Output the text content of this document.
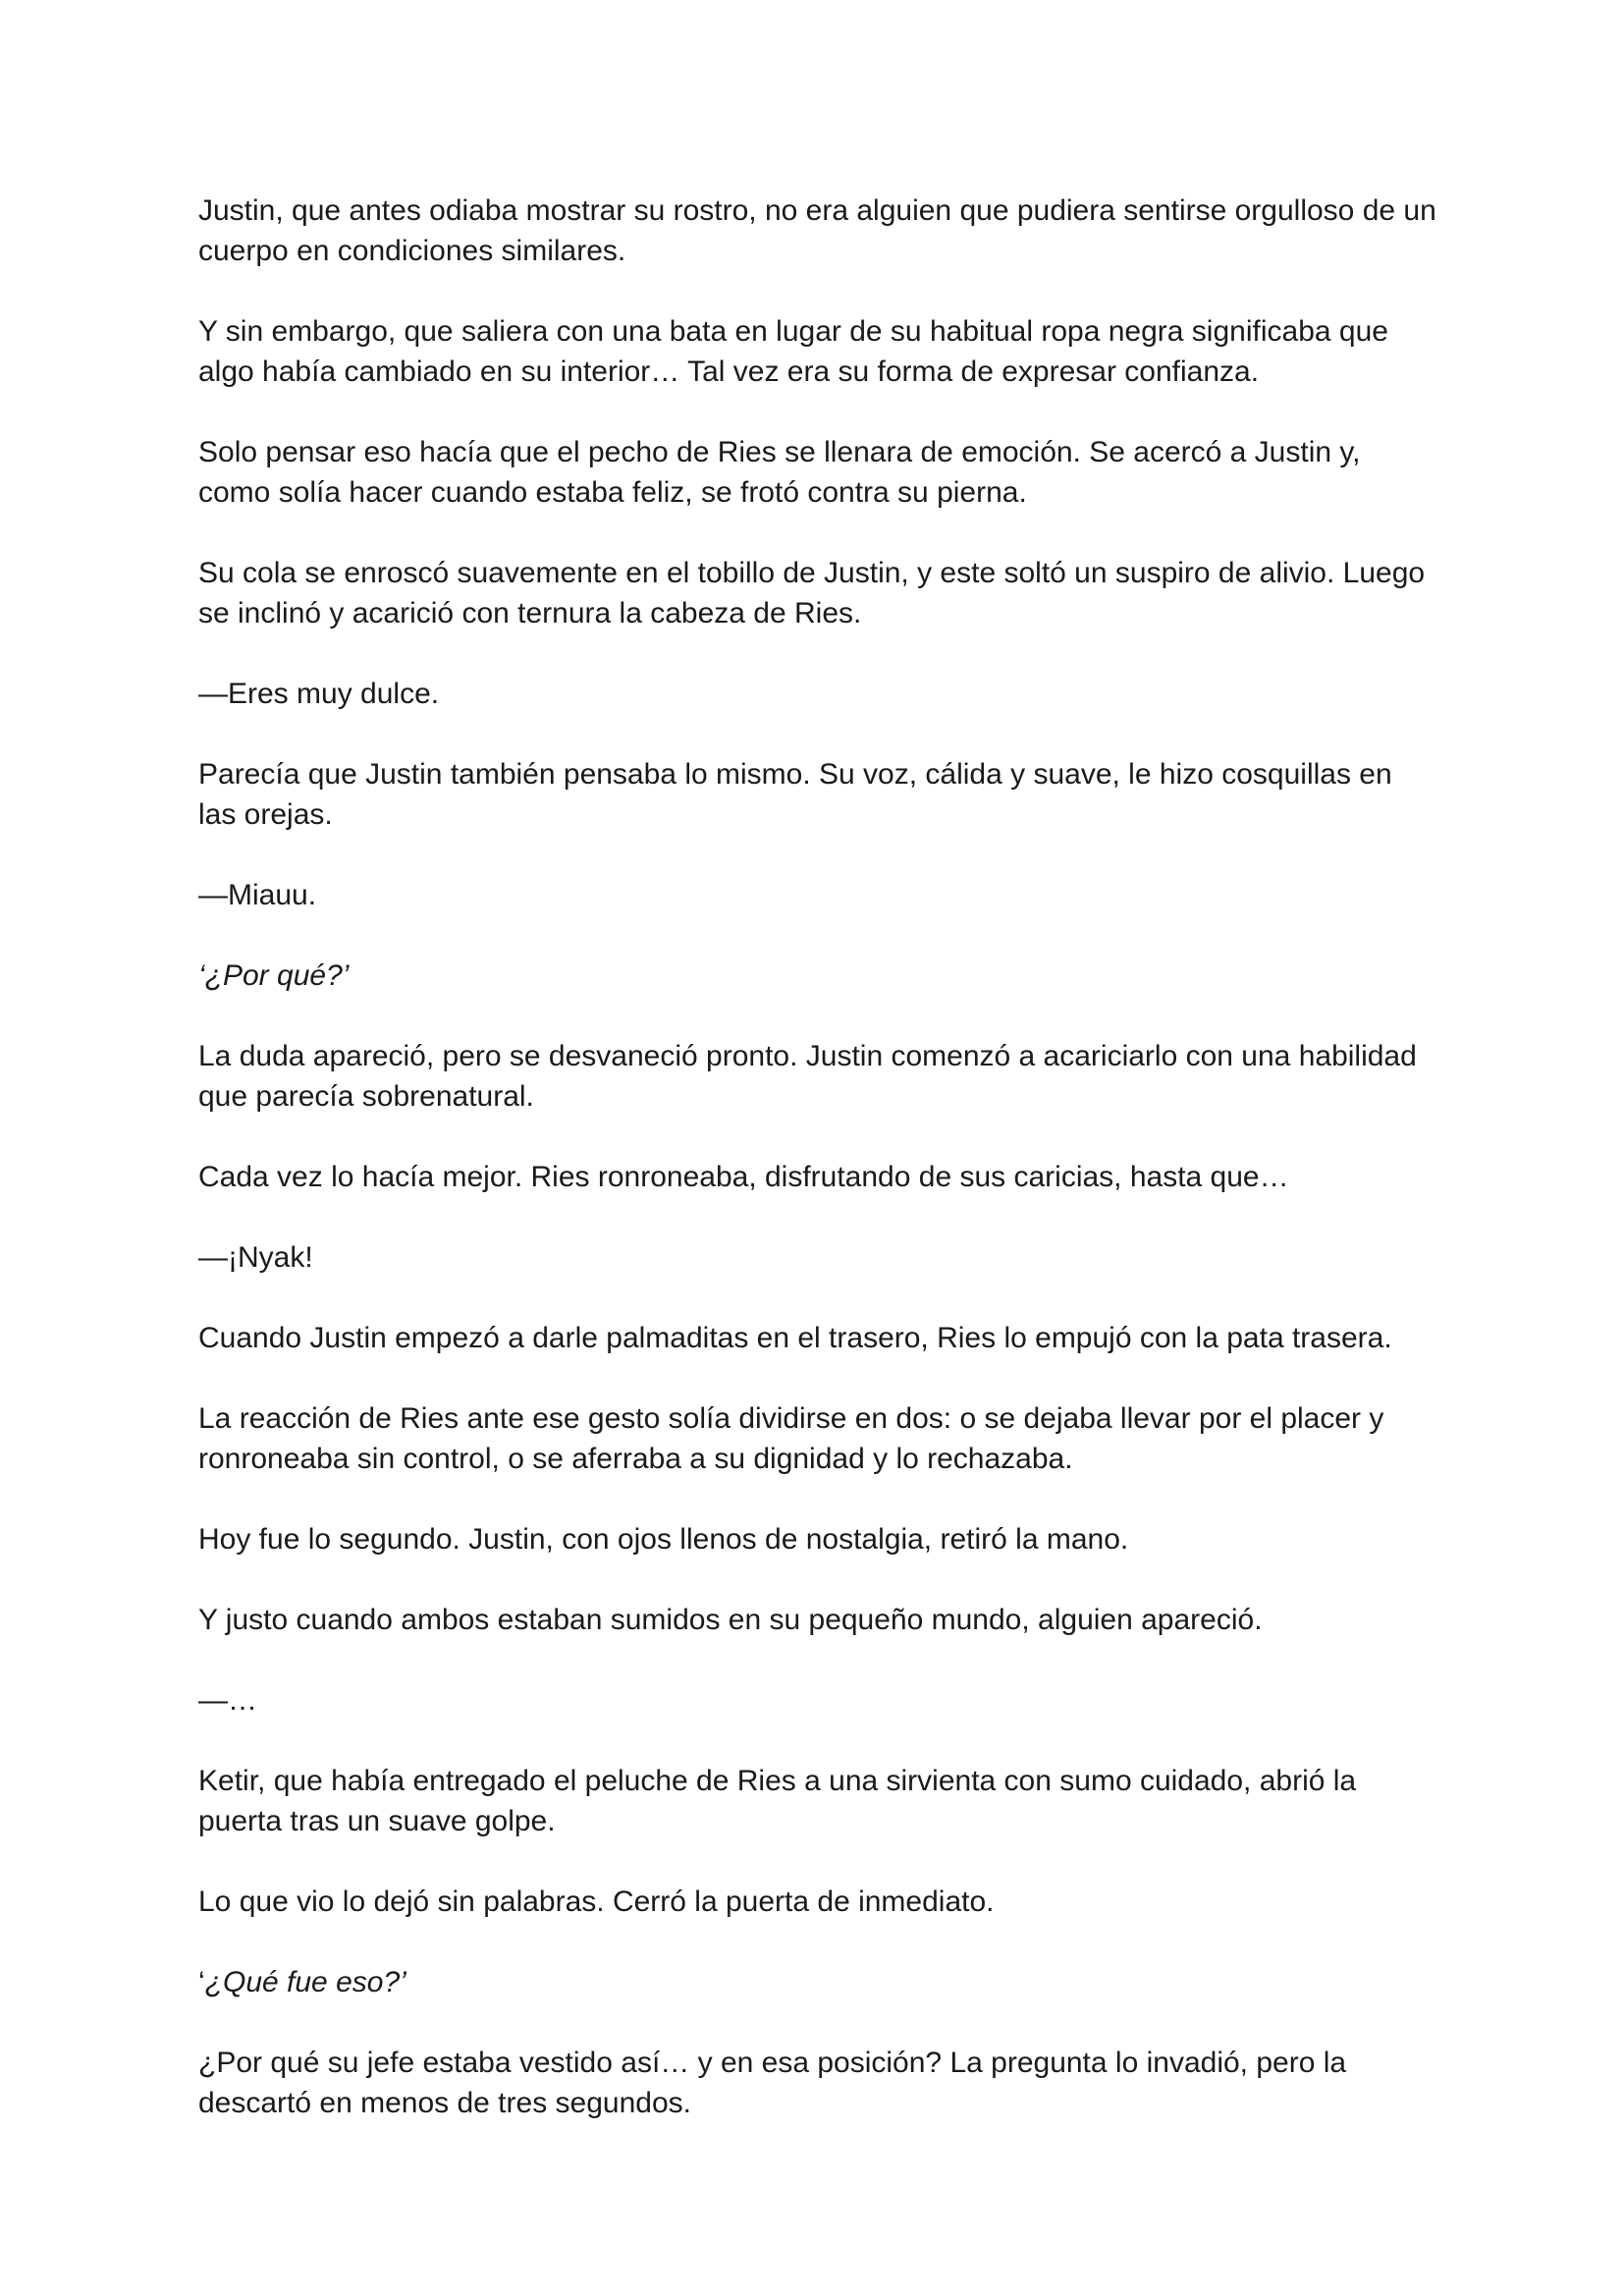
Justin, que antes odiaba mostrar su rostro, no era alguien que pudiera sentirse orgulloso de un cuerpo en condiciones similares.

Y sin embargo, que saliera con una bata en lugar de su habitual ropa negra significaba que algo había cambiado en su interior… Tal vez era su forma de expresar confianza.

Solo pensar eso hacía que el pecho de Ries se llenara de emoción. Se acercó a Justin y, como solía hacer cuando estaba feliz, se frotó contra su pierna.

Su cola se enroscó suavemente en el tobillo de Justin, y este soltó un suspiro de alivio. Luego se inclinó y acarició con ternura la cabeza de Ries.

—Eres muy dulce.

Parecía que Justin también pensaba lo mismo. Su voz, cálida y suave, le hizo cosquillas en las orejas.

—Miauu.

‘¿Por qué?’

La duda apareció, pero se desvaneció pronto. Justin comenzó a acariciarlo con una habilidad que parecía sobrenatural.

Cada vez lo hacía mejor. Ries ronroneaba, disfrutando de sus caricias, hasta que…

—¡Nyak!

Cuando Justin empezó a darle palmaditas en el trasero, Ries lo empujó con la pata trasera.

La reacción de Ries ante ese gesto solía dividirse en dos: o se dejaba llevar por el placer y ronroneaba sin control, o se aferraba a su dignidad y lo rechazaba.

Hoy fue lo segundo. Justin, con ojos llenos de nostalgia, retiró la mano.

Y justo cuando ambos estaban sumidos en su pequeño mundo, alguien apareció.

—…

Ketir, que había entregado el peluche de Ries a una sirvienta con sumo cuidado, abrió la puerta tras un suave golpe.

Lo que vio lo dejó sin palabras. Cerró la puerta de inmediato.

‘¿Qué fue eso?’

¿Por qué su jefe estaba vestido así… y en esa posición? La pregunta lo invadió, pero la descartó en menos de tres segundos.
